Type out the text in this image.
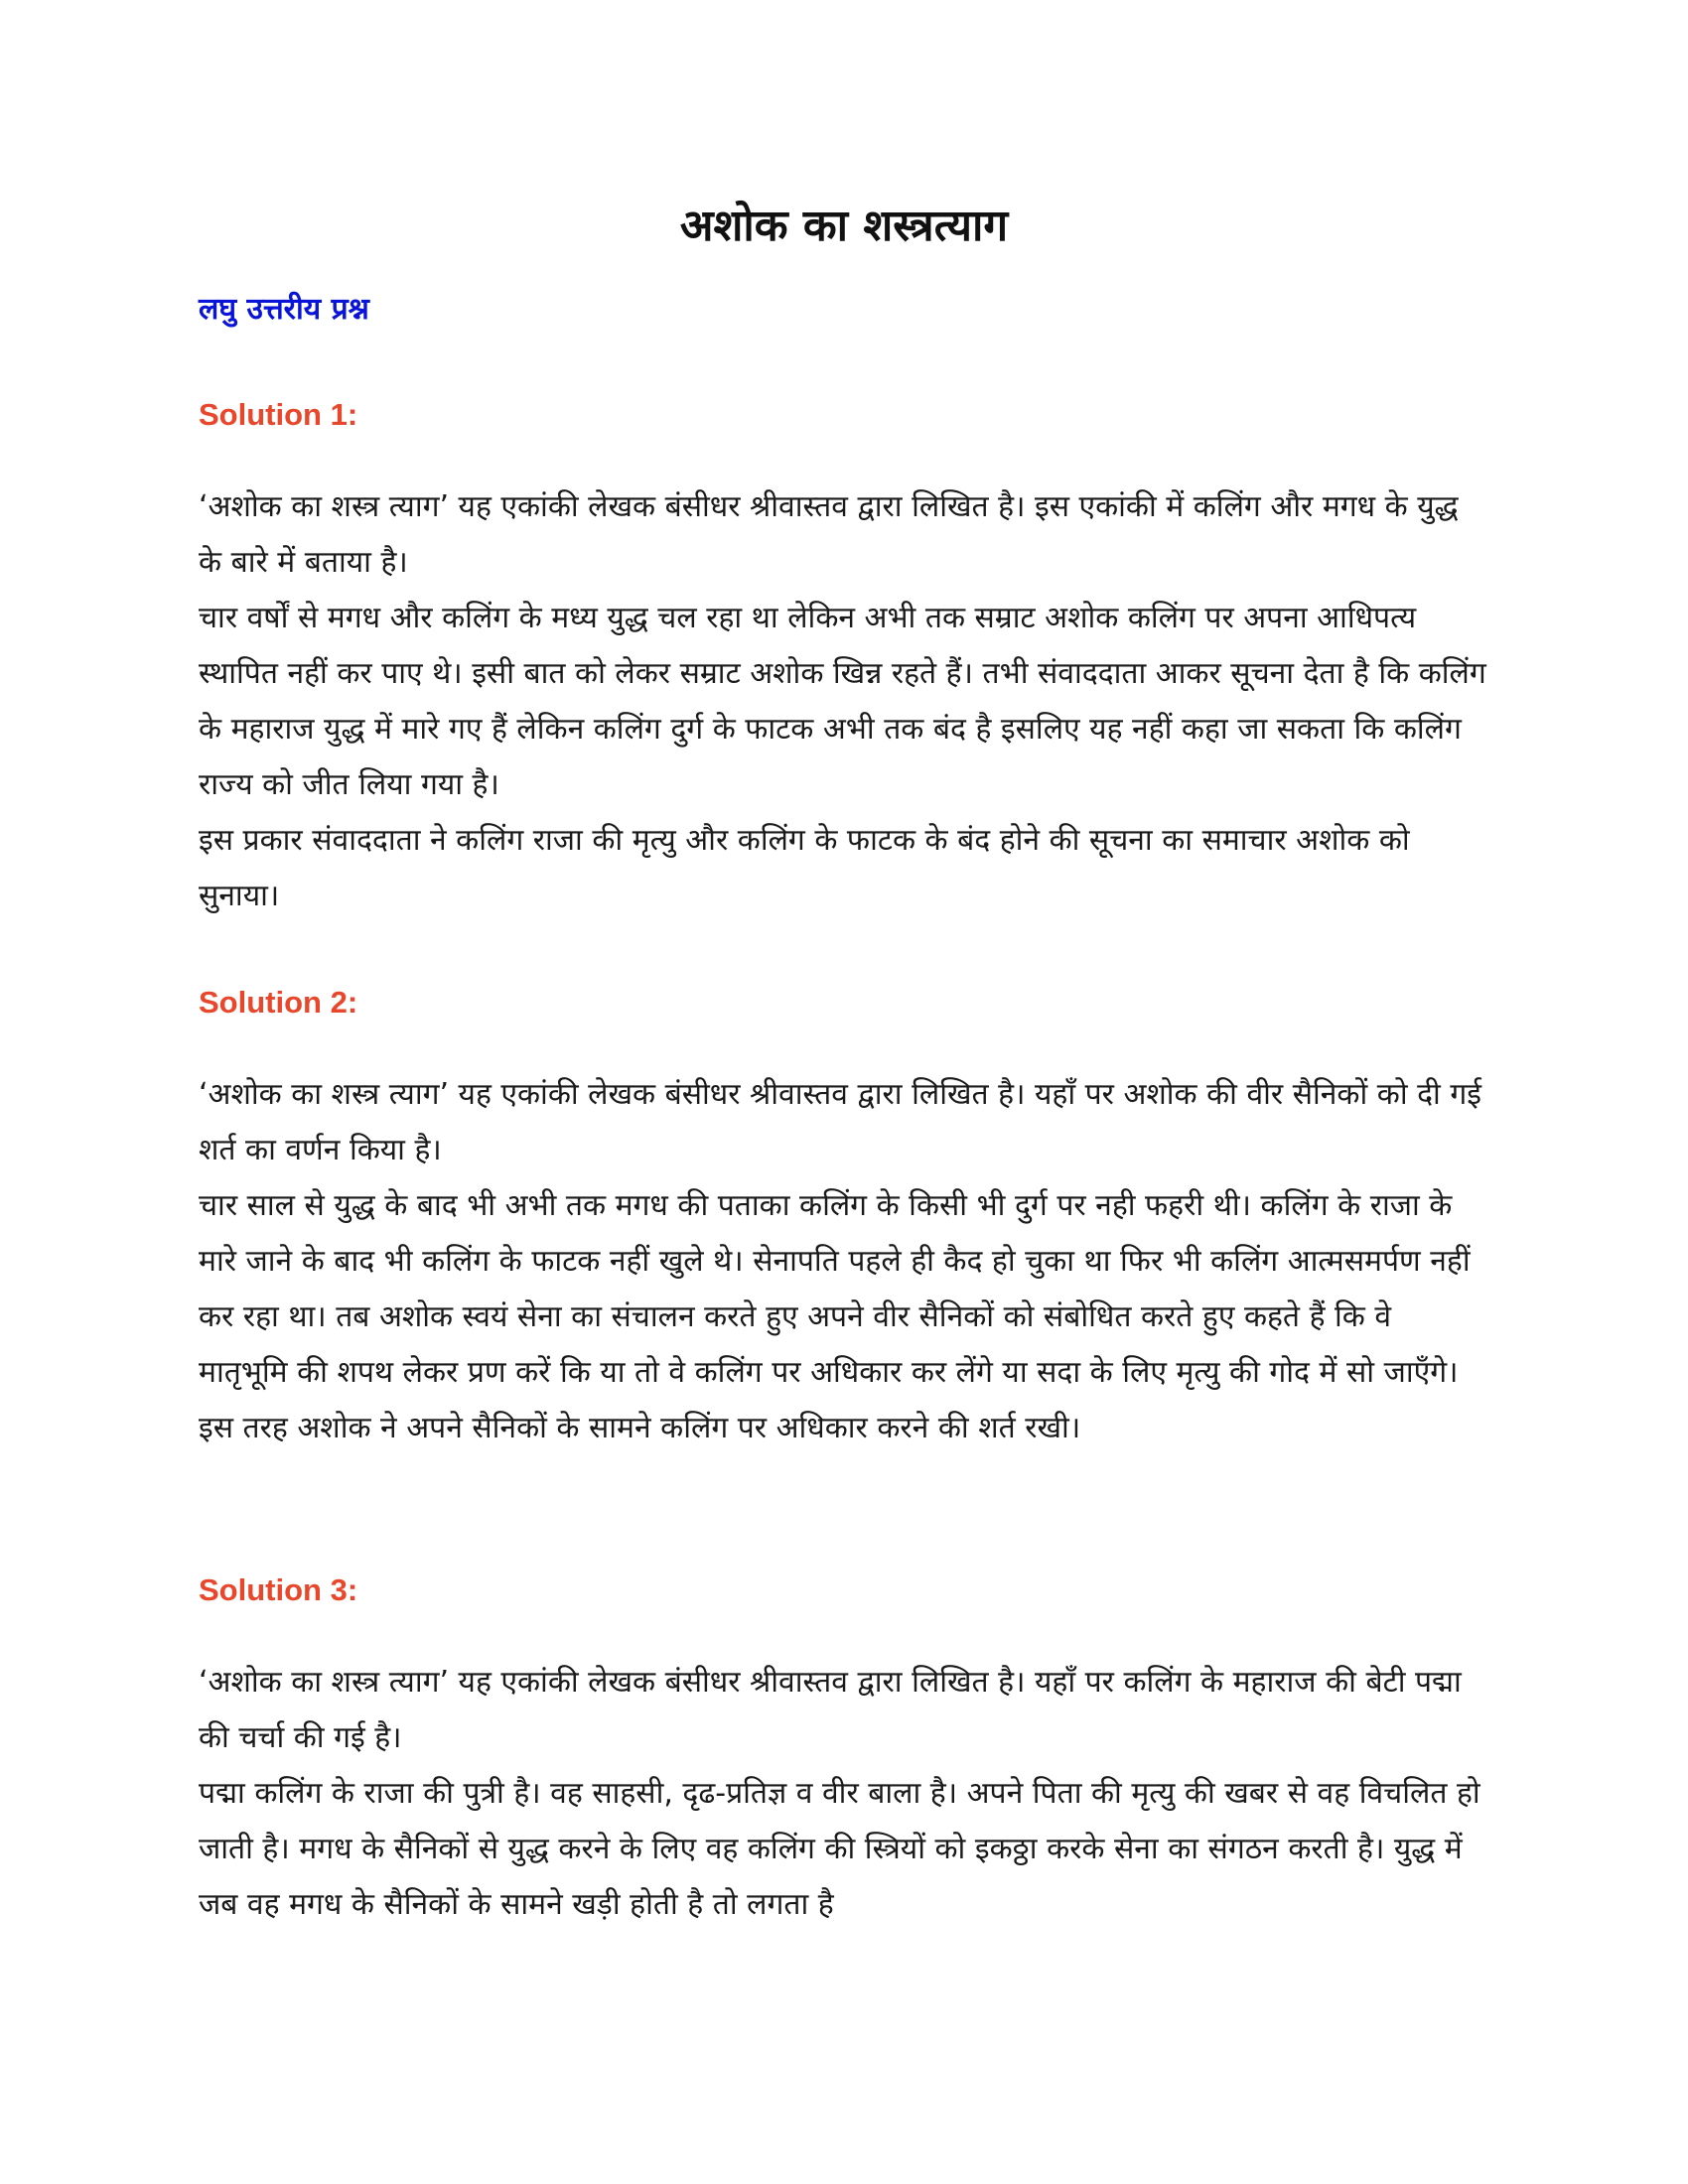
अशोक का शस्त्रत्याग
लघु उत्तरीय प्रश्न

Solution 1:

‘अशोक का शस्त्र त्याग’ यह एकांकी लेखक बंसीधर श्रीवास्तव द्वारा लिखित है। इस एकांकी में कलिंग और मगध के युद्ध के बारे में बताया है।

चार वर्षों से मगध और कलिंग के मध्य युद्ध चल रहा था लेकिन अभी तक सम्राट अशोक कलिंग पर अपना आधिपत्य स्थापित नहीं कर पाए थे। इसी बात को लेकर सम्राट अशोक खिन्न रहते हैं। तभी संवाददाता आकर सूचना देता है कि कलिंग के महाराज युद्ध में मारे गए हैं लेकिन कलिंग दुर्ग के फाटक अभी तक बंद है इसलिए यह नहीं कहा जा सकता कि कलिंग राज्य को जीत लिया गया है।

इस प्रकार संवाददाता ने कलिंग राजा की मृत्यु और कलिंग के फाटक के बंद होने की सूचना का समाचार अशोक को सुनाया।

Solution 2:

‘अशोक का शस्त्र त्याग’ यह एकांकी लेखक बंसीधर श्रीवास्तव द्वारा लिखित है। यहाँ पर अशोक की वीर सैनिकों को दी गई शर्त का वर्णन किया है।

चार साल से युद्ध के बाद भी अभी तक मगध की पताका कलिंग के किसी भी दुर्ग पर नही फहरी थी। कलिंग के राजा के मारे जाने के बाद भी कलिंग के फाटक नहीं खुले थे। सेनापति पहले ही कैद हो चुका था फिर भी कलिंग आत्मसमर्पण नहीं कर रहा था। तब अशोक स्वयं सेना का संचालन करते हुए अपने वीर सैनिकों को संबोधित करते हुए कहते हैं कि वे मातृभूमि की शपथ लेकर प्रण करें कि या तो वे कलिंग पर अधिकार कर लेंगे या सदा के लिए मृत्यु की गोद में सो जाएँगे।

इस तरह अशोक ने अपने सैनिकों के सामने कलिंग पर अधिकार करने की शर्त रखी।

Solution 3:

‘अशोक का शस्त्र त्याग’ यह एकांकी लेखक बंसीधर श्रीवास्तव द्वारा लिखित है। यहाँ पर कलिंग के महाराज की बेटी पद्मा की चर्चा की गई है।

पद्मा कलिंग के राजा की पुत्री है। वह साहसी, दृढ-प्रतिज्ञ व वीर बाला है। अपने पिता की मृत्यु की खबर से वह विचलित हो जाती है। मगध के सैनिकों से युद्ध करने के लिए वह कलिंग की स्त्रियों को इकठ्ठा करके सेना का संगठन करती है। युद्ध में जब वह मगध के सैनिकों के सामने खड़ी होती है तो लगता है
